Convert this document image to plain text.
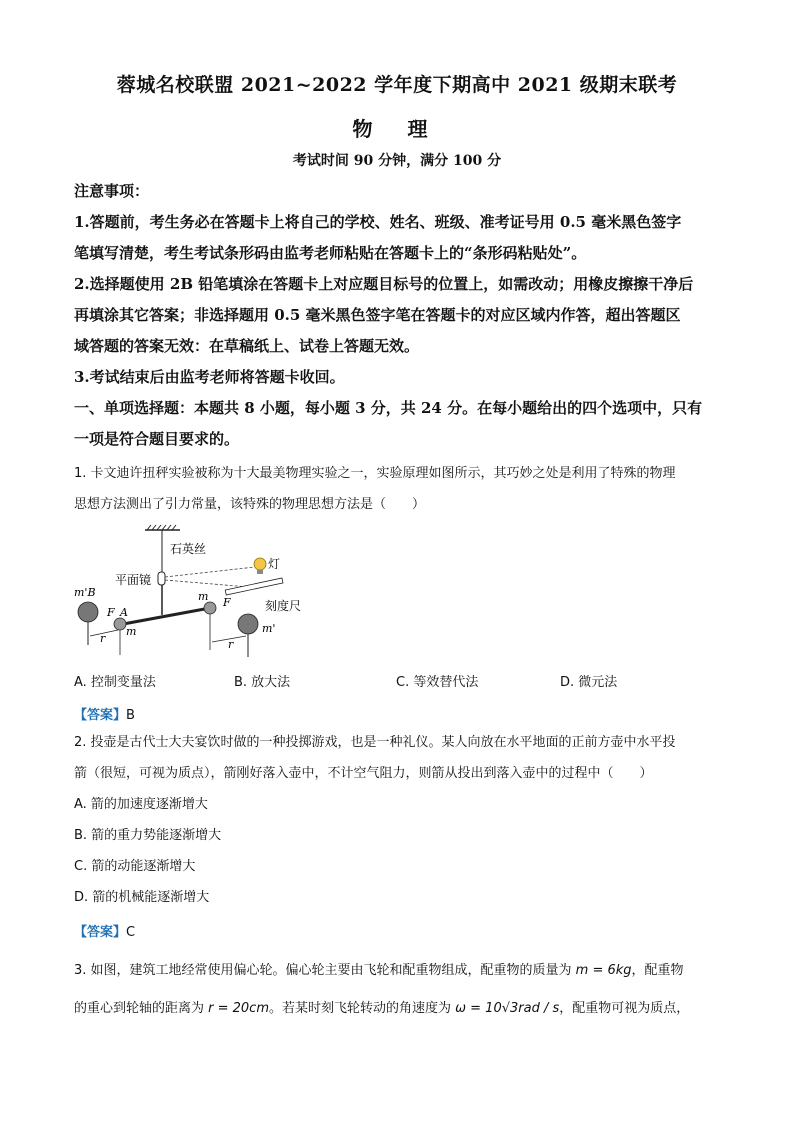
蓉城名校联盟 2021~2022 学年度下期高中 2021 级期末联考
物 理
考试时间 90 分钟，满分 100 分

注意事项：

1.答题前，考生务必在答题卡上将自己的学校、姓名、班级、准考证号用 0.5 毫米黑色签字

笔填写清楚，考生考试条形码由监考老师粘贴在答题卡上的“条形码粘贴处”。

2.选择题使用 2B 铅笔填涂在答题卡上对应题目标号的位置上，如需改动；用橡皮擦擦干净后

再填涂其它答案；非选择题用 0.5 毫米黑色签字笔在答题卡的对应区域内作答，超出答题区

域答题的答案无效：在草稿纸上、试卷上答题无效。

3.考试结束后由监考老师将答题卡收回。

一、单项选择题：本题共 8 小题，每小题 3 分，共 24 分。在每小题给出的四个选项中，只有

一项是符合题目要求的。

1. 卡文迪许扭秤实验被称为十大最美物理实验之一，实验原理如图所示，其巧妙之处是利用了特殊的物理

思想方法测出了引力常量，该特殊的物理思想方法是（　　）

石英丝
灯
平面镜
刻度尺
m'B
F A
m
r
m F
r
m'
A. 控制变量法	B. 放大法	C. 等效替代法	D. 微元法
【答案】B

2. 投壶是古代士大夫宴饮时做的一种投掷游戏，也是一种礼仪。某人向放在水平地面的正前方壶中水平投

箭（很短，可视为质点），箭刚好落入壶中，不计空气阻力，则箭从投出到落入壶中的过程中（　　）

A. 箭的加速度逐渐增大

B. 箭的重力势能逐渐增大

C. 箭的动能逐渐增大

D. 箭的机械能逐渐增大

【答案】C

3. 如图，建筑工地经常使用偏心轮。偏心轮主要由飞轮和配重物组成，配重物的质量为 m = 6kg，配重物

的重心到轮轴的距离为 r = 20cm。若某时刻飞轮转动的角速度为 ω = 10√3rad / s，配重物可视为质点，
